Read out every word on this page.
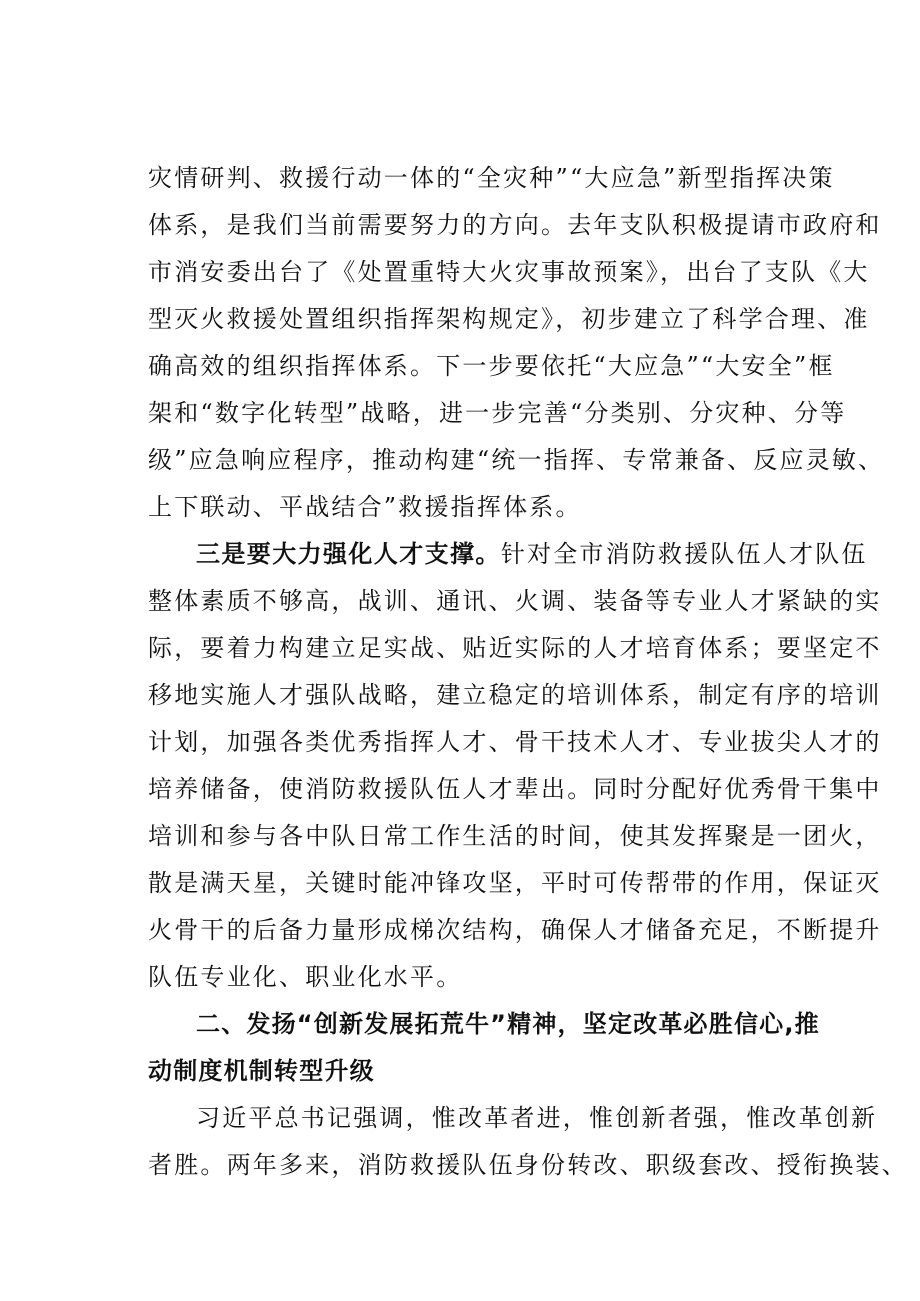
灾情研判、救援行动一体的“全灾种”“大应急”新型指挥决策
体系，是我们当前需要努力的方向。去年支队积极提请市政府和
市消安委出台了《处置重特大火灾事故预案》，出台了支队《大
型灭火救援处置组织指挥架构规定》，初步建立了科学合理、准
确高效的组织指挥体系。下一步要依托“大应急”“大安全”框
架和“数字化转型”战略，进一步完善“分类别、分灾种、分等
级”应急响应程序，推动构建“统一指挥、专常兼备、反应灵敏、
上下联动、平战结合”救援指挥体系。
三是要大力强化人才支撑。针对全市消防救援队伍人才队伍
整体素质不够高，战训、通讯、火调、装备等专业人才紧缺的实
际，要着力构建立足实战、贴近实际的人才培育体系；要坚定不
移地实施人才强队战略，建立稳定的培训体系，制定有序的培训
计划，加强各类优秀指挥人才、骨干技术人才、专业拔尖人才的
培养储备，使消防救援队伍人才辈出。同时分配好优秀骨干集中
培训和参与各中队日常工作生活的时间，使其发挥聚是一团火，
散是满天星，关键时能冲锋攻坚，平时可传帮带的作用，保证灭
火骨干的后备力量形成梯次结构，确保人才储备充足，不断提升
队伍专业化、职业化水平。
二、发扬“创新发展拓荒牛”精神，坚定改革必胜信心,推
动制度机制转型升级
习近平总书记强调，惟改革者进，惟创新者强，惟改革创新
者胜。两年多来，消防救援队伍身份转改、职级套改、授衔换装、
